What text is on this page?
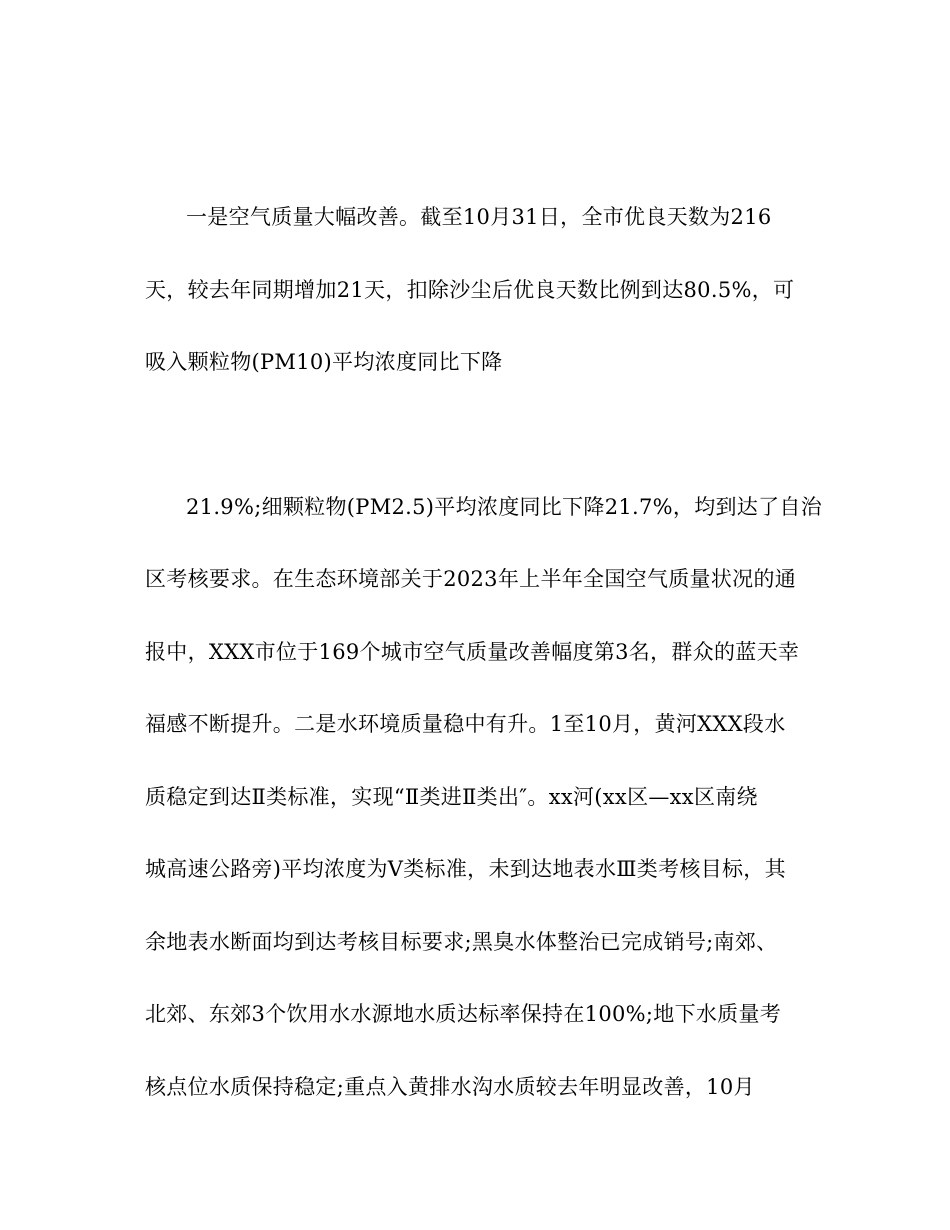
一是空气质量大幅改善。截至10月31日，全市优良天数为216
天，较去年同期增加21天，扣除沙尘后优良天数比例到达80.5%，可
吸入颗粒物(PM10)平均浓度同比下降
21.9%;细颗粒物(PM2.5)平均浓度同比下降21.7%，均到达了自治
区考核要求。在生态环境部关于2023年上半年全国空气质量状况的通
报中，XXX市位于169个城市空气质量改善幅度第3名，群众的蓝天幸
福感不断提升。二是水环境质量稳中有升。1至10月，黄河XXX段水
质稳定到达Ⅱ类标准，实现“Ⅱ类进Ⅱ类出″。xx河(xx区—xx区南绕
城高速公路旁)平均浓度为Ⅴ类标准，未到达地表水Ⅲ类考核目标，其
余地表水断面均到达考核目标要求;黑臭水体整治已完成销号;南郊、
北郊、东郊3个饮用水水源地水质达标率保持在100%;地下水质量考
核点位水质保持稳定;重点入黄排水沟水质较去年明显改善，10月
